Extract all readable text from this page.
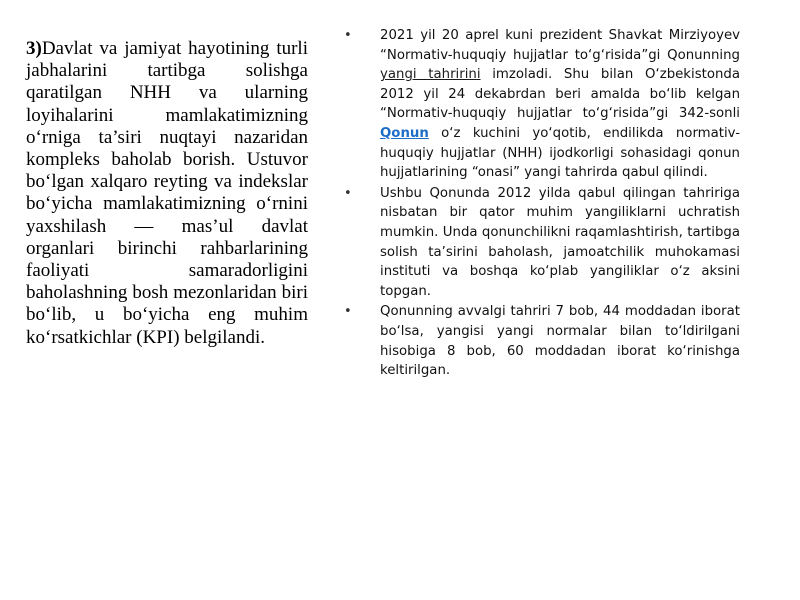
3)Davlat va jamiyat hayotining turli jabhalarini tartibga solishga qaratilgan NHH va ularning loyihalarini mamlakatimizning o‘rniga ta’siri nuqtayi nazaridan kompleks baholab borish. Ustuvor bo‘lgan xalqaro reyting va indekslar bo‘yicha mamlakatimizning o‘rnini yaxshilash — mas’ul davlat organlari birinchi rahbarlarining faoliyati samaradorligini baholashning bosh mezonlaridan biri bo‘lib, u bo‘yicha eng muhim ko‘rsatkichlar (KPI) belgilandi.
• 2021 yil 20 aprel kuni prezident Shavkat Mirziyoyev “Normativ-huquqiy hujjatlar to‘g‘risida”gi Qonunning yangi tahririni imzoladi. Shu bilan O‘zbekistonda 2012 yil 24 dekabrdan beri amalda bo‘lib kelgan “Normativ-huquqiy hujjatlar to‘g‘risida”gi 342-sonli Qonun o‘z kuchini yo‘qotib, endilikda normativ-huquqiy hujjatlar (NHH) ijodkorligi sohasidagi qonun hujjatlarining “onasi” yangi tahrirda qabul qilindi.
• Ushbu Qonunda 2012 yilda qabul qilingan tahririga nisbatan bir qator muhim yangiliklarni uchratish mumkin. Unda qonunchilikni raqamlashtirish, tartibga solish ta’sirini baholash, jamoatchilik muhokamasi instituti va boshqa ko‘plab yangiliklar o‘z aksini topgan.
• Qonunning avvalgi tahriri 7 bob, 44 moddadan iborat bo‘lsa, yangisi yangi normalar bilan to‘ldirilgani hisobiga 8 bob, 60 moddadan iborat ko‘rinishga keltirilgan.
